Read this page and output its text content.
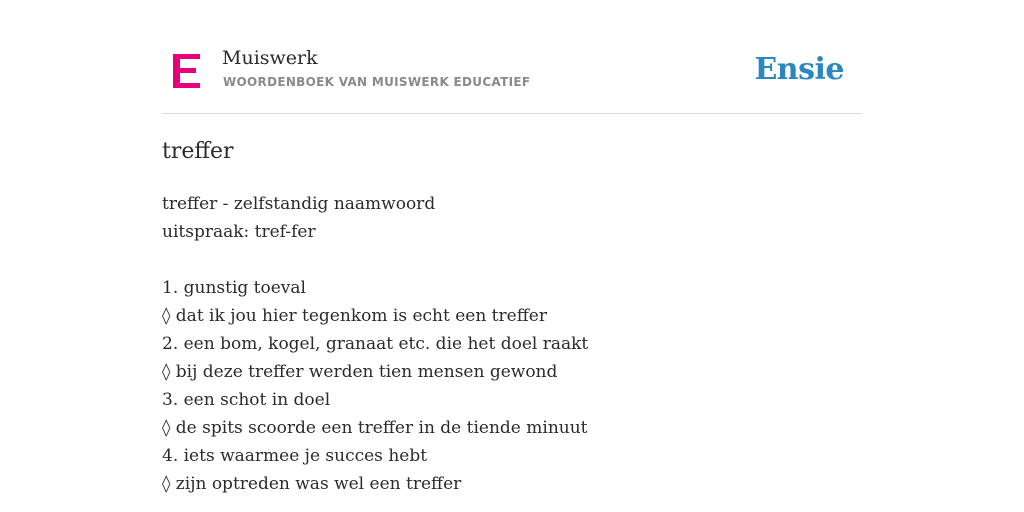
Muiswerk
WOORDENBOEK VAN MUISWERK EDUCATIEF	Ensie
treffer
treffer - zelfstandig naamwoord
uitspraak: tref-fer
1. gunstig toeval
◊ dat ik jou hier tegenkom is echt een treffer
2. een bom, kogel, granaat etc. die het doel raakt
◊ bij deze treffer werden tien mensen gewond
3. een schot in doel
◊ de spits scoorde een treffer in de tiende minuut
4. iets waarmee je succes hebt
◊ zijn optreden was wel een treffer
